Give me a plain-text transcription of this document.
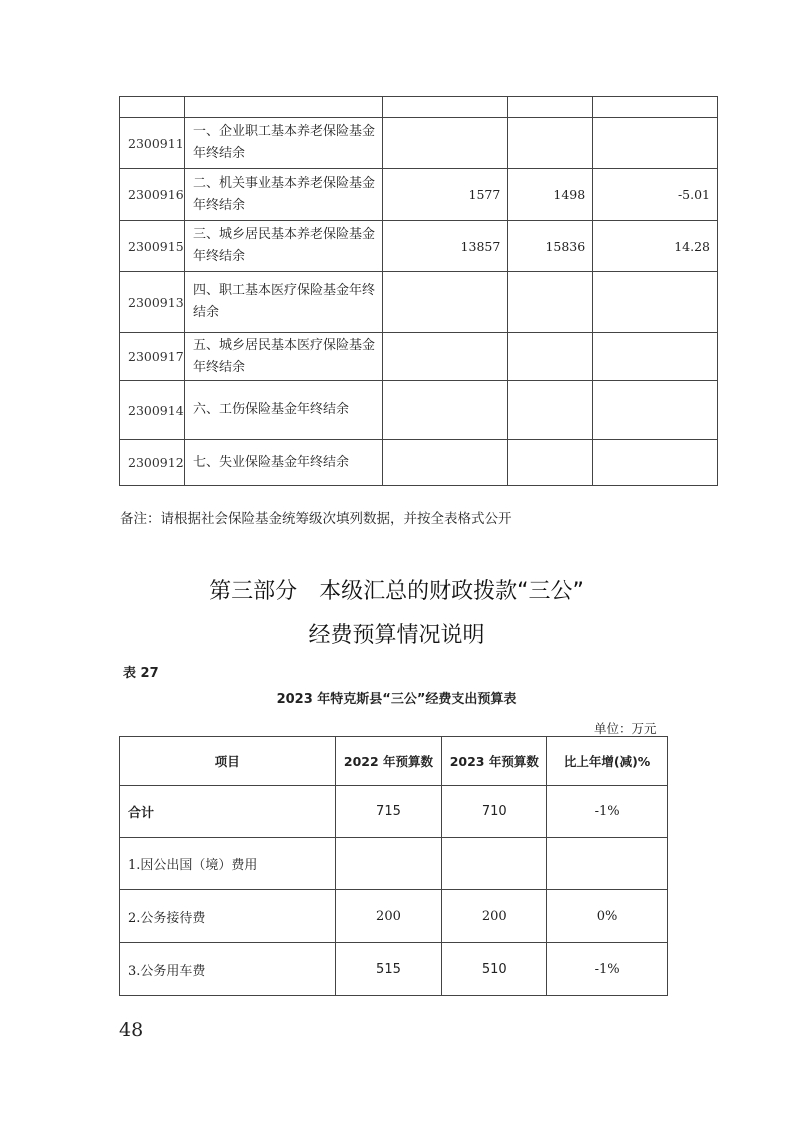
2300911	一、企业职工基本养老保险基金年终结余			
2300916	二、机关事业基本养老保险基金年终结余	1577	1498	-5.01
2300915	三、城乡居民基本养老保险基金年终结余	13857	15836	14.28
2300913	四、职工基本医疗保险基金年终结余			
2300917	五、城乡居民基本医疗保险基金年终结余			
2300914	六、工伤保险基金年终结余			
2300912	七、失业保险基金年终结余			
备注：请根据社会保险基金统筹级次填列数据，并按全表格式公开
第三部分　本级汇总的财政拨款“三公”
经费预算情况说明
表 27
2023 年特克斯县“三公”经费支出预算表
单位：万元
项目	2022 年预算数	2023 年预算数	比上年增(减)%
合计	715	710	-1%
1.因公出国（境）费用			
2.公务接待费	200	200	0%
3.公务用车费	515	510	-1%
48
